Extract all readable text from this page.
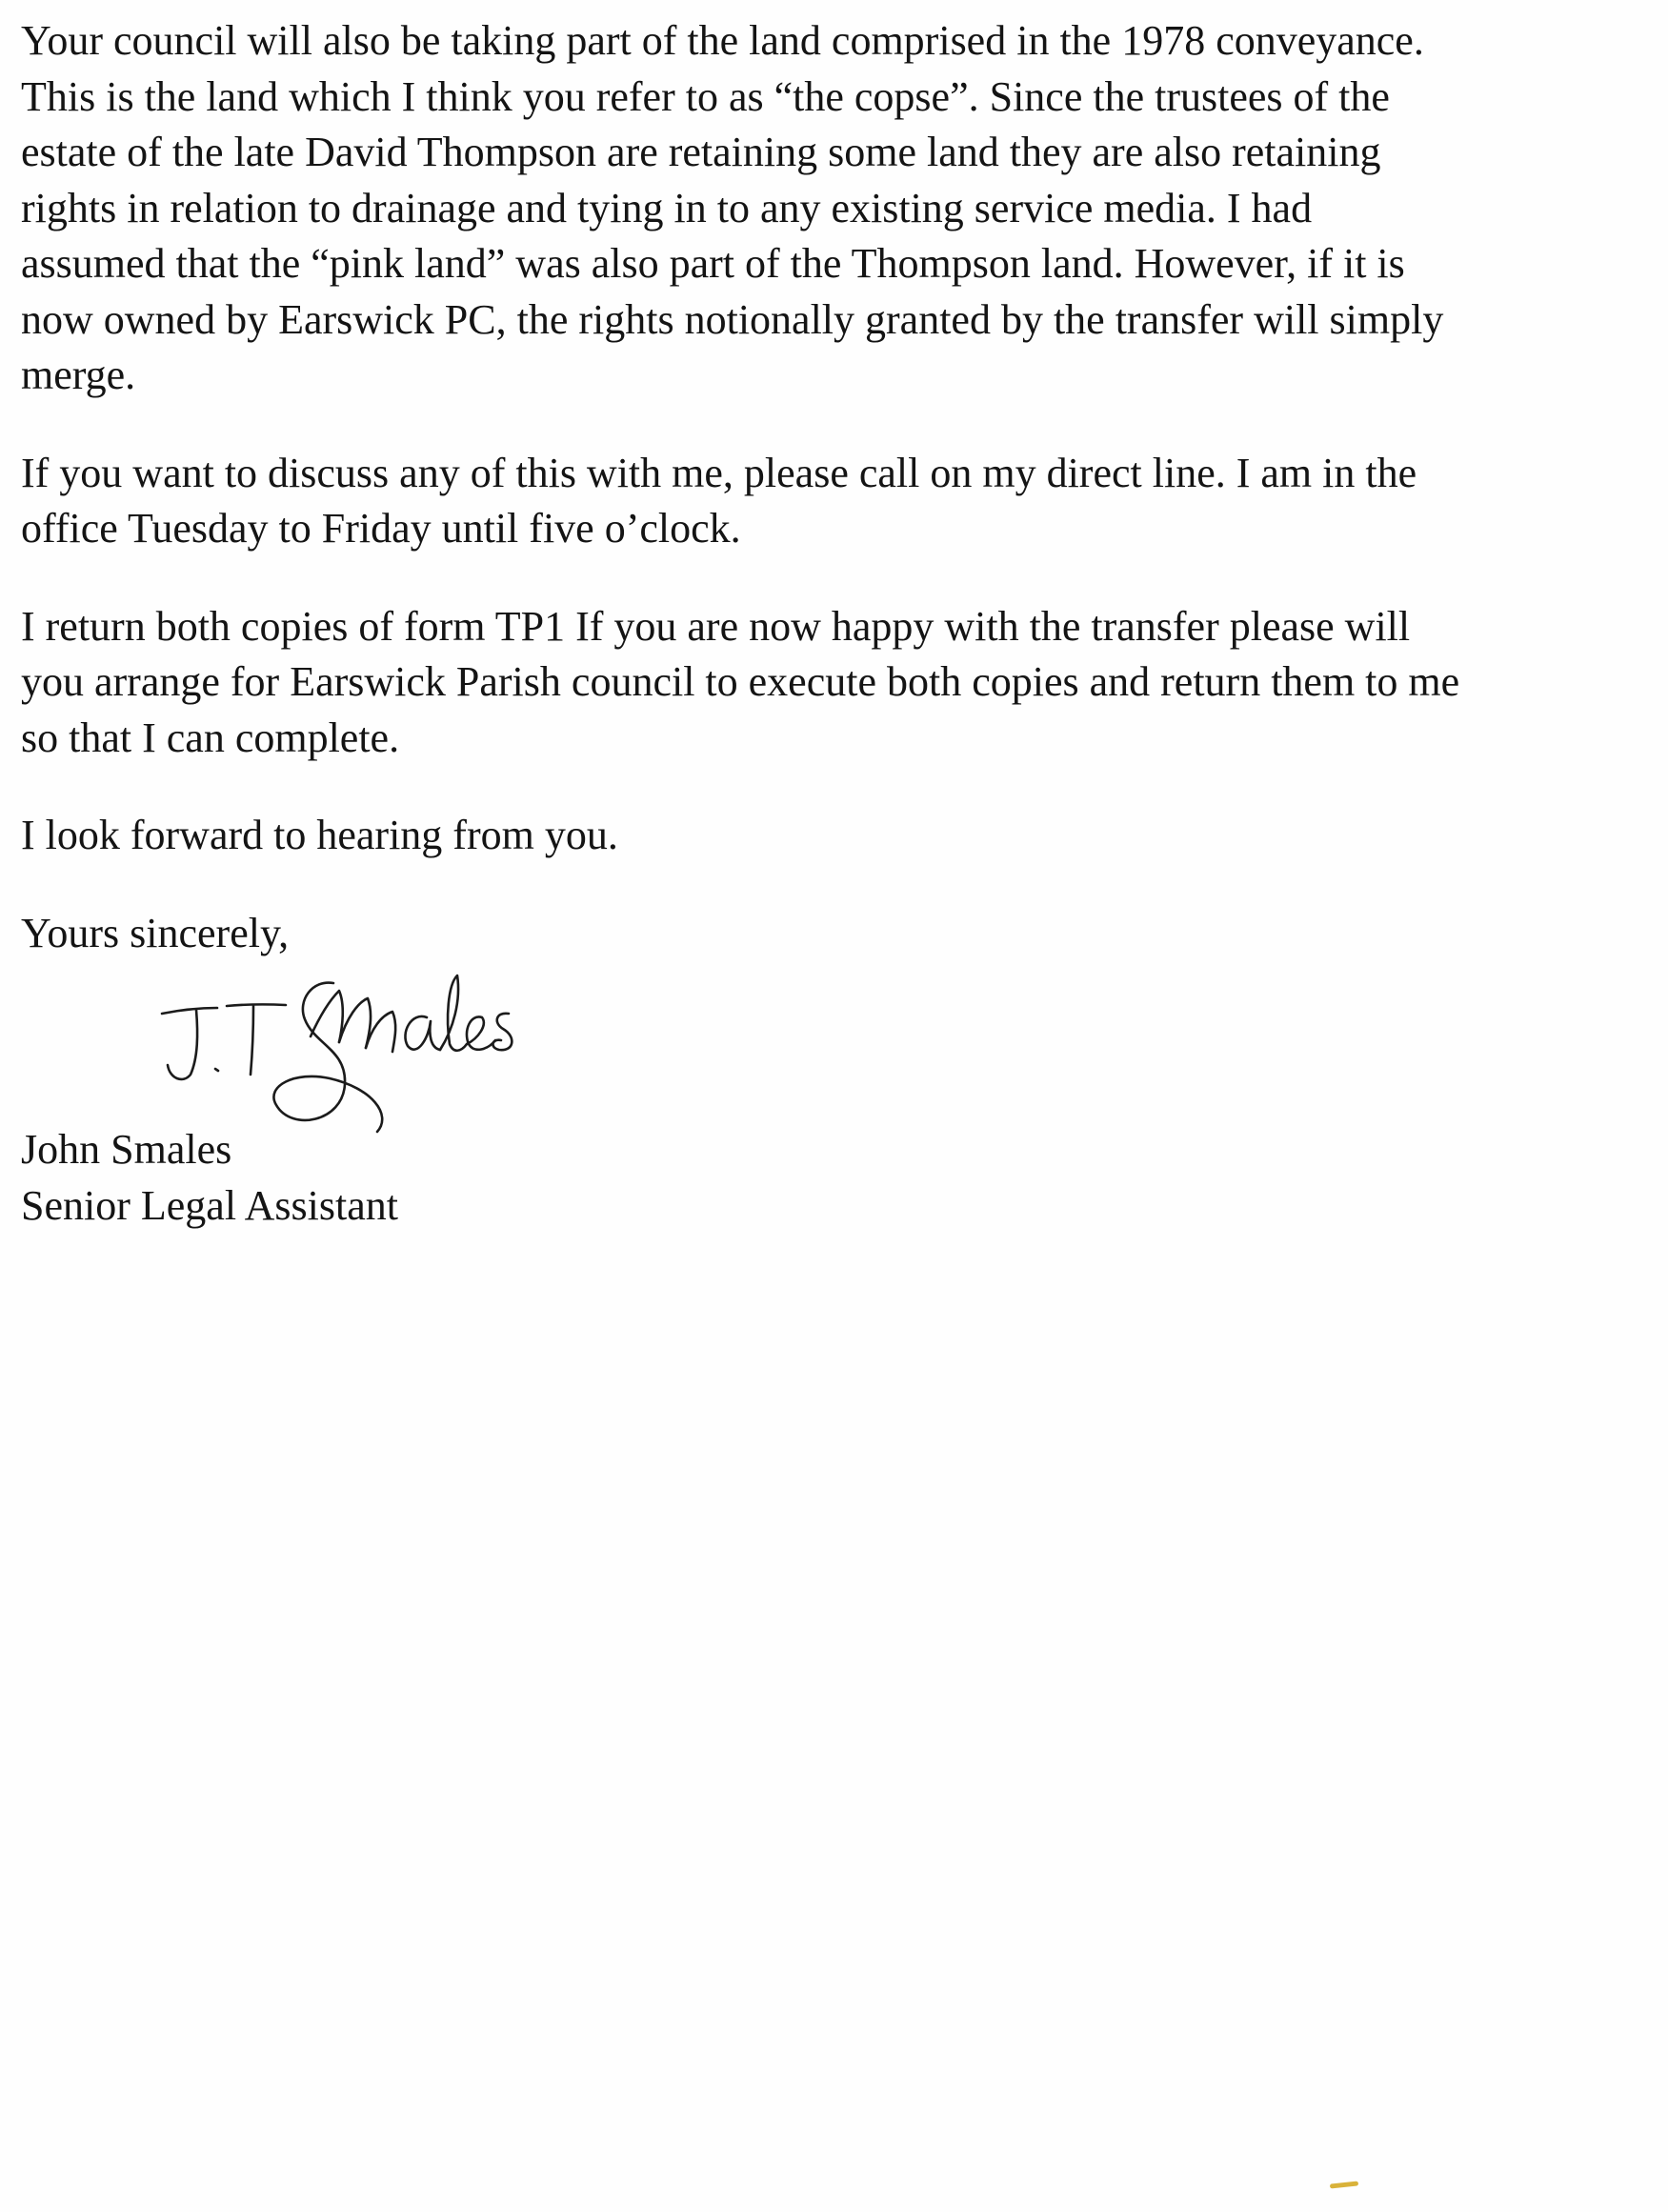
Your council will also be taking part of the land comprised in the 1978 conveyance.
This is the land which I think you refer to as “the copse”. Since the trustees of the
estate of the late David Thompson are retaining some land they are also retaining
rights in relation to drainage and tying in to any existing service media. I had
assumed that the “pink land” was also part of the Thompson land. However, if it is
now owned by Earswick PC, the rights notionally granted by the transfer will simply
merge.

If you want to discuss any of this with me, please call on my direct line. I am in the
office Tuesday to Friday until five o’clock.

I return both copies of form TP1 If you are now happy with the transfer please will
you arrange for Earswick Parish council to execute both copies and return them to me
so that I can complete.

I look forward to hearing from you.

Yours sincerely,

John Smales
Senior Legal Assistant
